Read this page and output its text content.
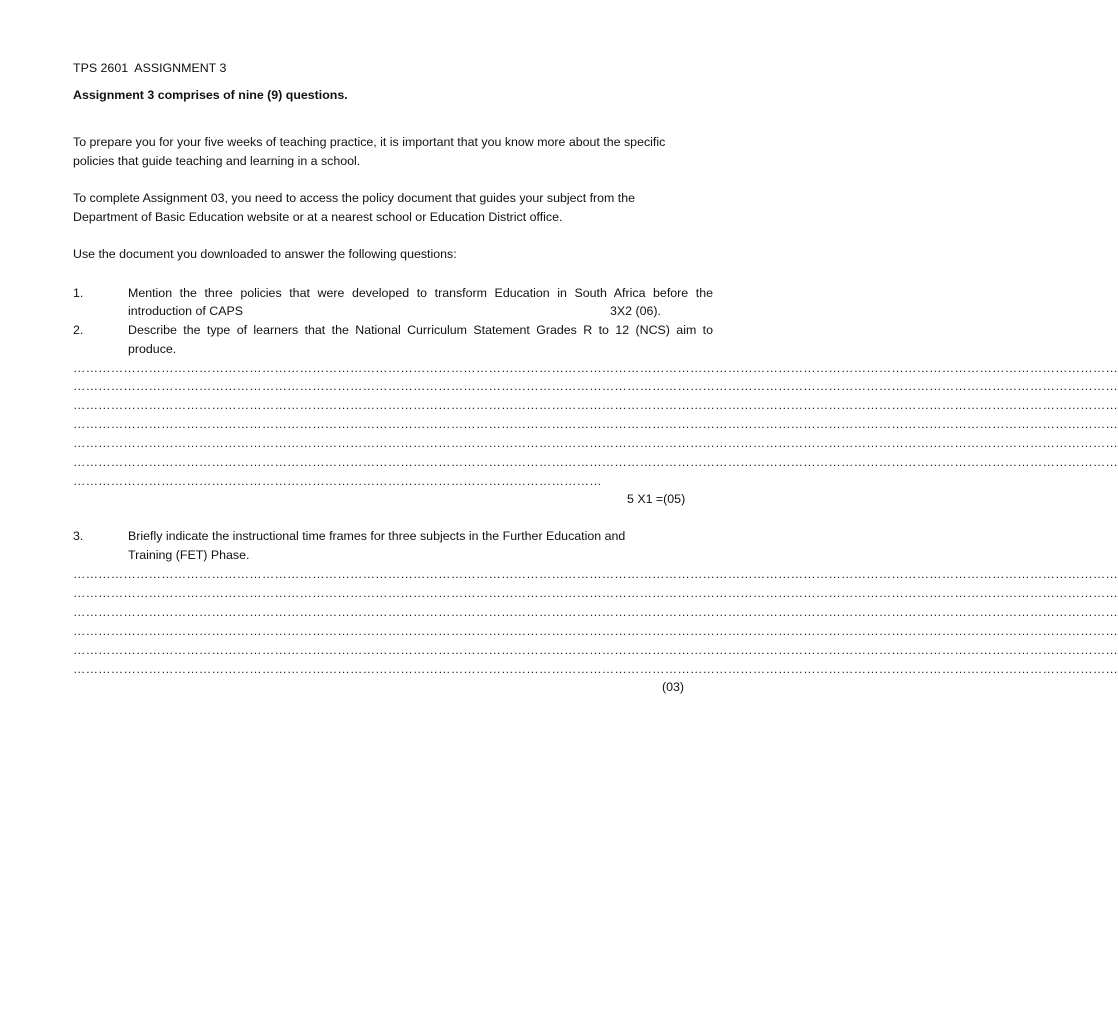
TPS 2601  ASSIGNMENT 3
Assignment 3 comprises of nine (9) questions.
To prepare you for your five weeks of teaching practice, it is important that you know more about the specific
policies that guide teaching and learning in a school.
To complete Assignment 03, you need to access the policy document that guides your subject from the
Department of Basic Education website or at a nearest school or Education District office.
Use the document you downloaded to answer the following questions:
1.	Mention the three policies that were developed to transform Education in South Africa before the
introduction of CAPS	3X2 (06).
2.	Describe the type of learners that the National Curriculum Statement Grades R to 12 (NCS) aim to
produce.
……………………………………………………………………………………………………………………………………………………………………………………………………………………………
……………………………………………………………………………………………………………………………………………………………………………………………………………………………
……………………………………………………………………………………………………………………………………………………………………………………………………………………………
……………………………………………………………………………………………………………………………………………………………………………………………………………………………
……………………………………………………………………………………………………………………………………………………………………………………………………………………………
……………………………………………………………………………………………………………………………………………………………………………………………………………………………
………………………………………………………………………………………………………………
5 X1 =(05)
3.	Briefly indicate the instructional time frames for three subjects in the Further Education and
Training (FET) Phase.
……………………………………………………………………………………………………………………………………………………………………………………………………………………………
……………………………………………………………………………………………………………………………………………………………………………………………………………………………
……………………………………………………………………………………………………………………………………………………………………………………………………………………………
……………………………………………………………………………………………………………………………………………………………………………………………………………………………
……………………………………………………………………………………………………………………………………………………………………………………………………………………………
……………………………………………………………………………………………………………………………………………………………………………………………………………………………
(03)
